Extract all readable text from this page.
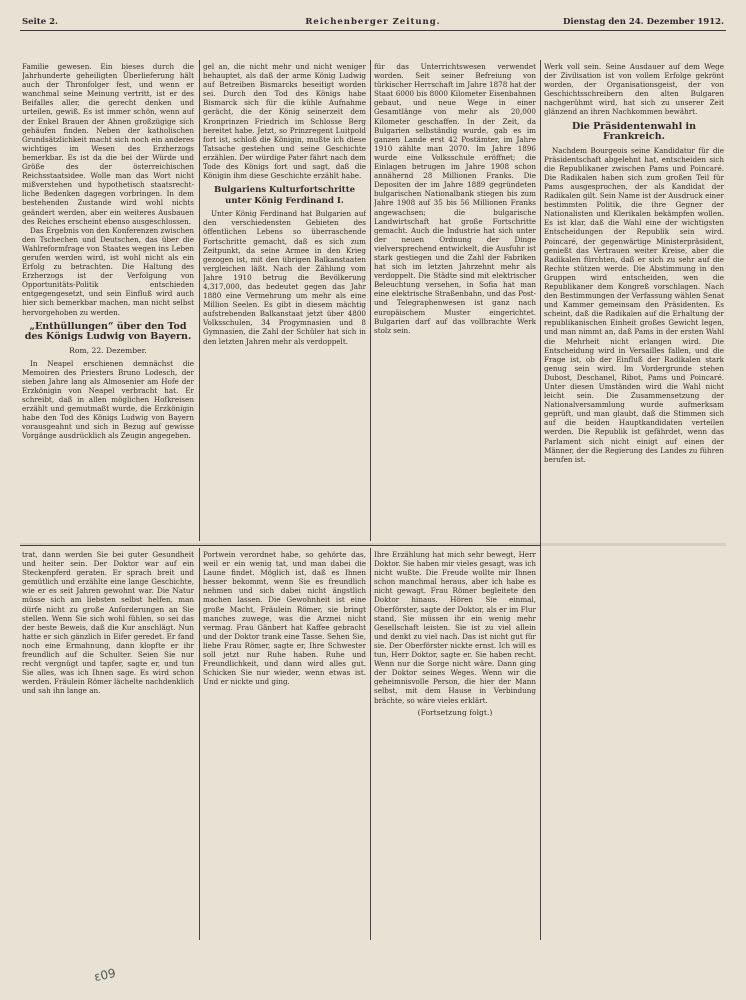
Seite 2.	Reichenberger Zeitung.	Dienstag den 24. Dezember 1912.
Familie gewesen. Ein bieses durch die Jahrhunderte geheiligten Überlieferung hält auch der Thronfolger fest, und wenn er wanchmal seine Meinung vertritt, ist er des Beifalles aller, die gerecht denken und urteilen, gewiß. Es ist immer schön, wenn auf der Enkel Brauen der Ahnen großzügige sich gehäufen finden. Neben der katholischen Grundsätzlichkeit macht sich noch ein anderes wichtiges im Wesen des Erzherzogs bemerkbar. Es ist da die bei der Würde und Größe des der österreichischen Reichsstaatsidee. Wolle man das Wort nicht mißverstehen und hypothetisch staatsrecht-liche Bedenken dagegen vorbringen. In dem bestehenden Zustande wird wohl nichts geändert werden, aber ein weiteres Ausbauen des Reiches erscheint ebenso ausgeschlossen.
Das Ergebnis von den Konferenzen zwischen den Tschechen und Deutschen, das über die Wahlreformfrage von Staates wegen ins Leben gerufen werden wird, ist wohl nicht als ein Erfolg zu betrachten. Die Haltung des Erzherzogs ist der Verfolgung von Opportunitäts-Politik entschieden entgegengesetzt, und sein Einfluß wird auch hier sich bemerkbar machen, man nicht selbst hervorgehoben zu werden.
„Enthüllungen“ über den Tod des Königs Ludwig von Bayern.
Rom, 22. Dezember.
In Neapel erschienen demnächst die Memoiren des Priesters Bruno Lodesch, der sieben Jahre lang als Almosenier am Hofe der Erzkönigin von Neapel verbracht hat. Er schreibt, daß in allen möglichen Hofkreisen erzählt und gemutmaßt wurde, die Erzkönigin habe den Tod des Königs Ludwig von Bayern vorausgeahnt und sich in Bezug auf gewisse Vorgänge ausdrücklich als Zeugin angegeben.
gel an, die nicht mehr und nicht weniger behauptet, als daß der arme König Ludwig auf Betreiben Bismarcks beseitigt worden sei. Durch den Tod des Königs habe Bismarck sich für die kühle Aufnahme gerächt, die der König seinerzeit dem Kronprinzen Friedrich im Schlosse Berg bereitet habe. Jetzt, so Prinzregent Luitpold fort ist, schloß die Königin, mußte ich diese Tatsache gestehen und seine Geschichte erzählen. Der würdige Pater fährt nach dem Tode des Königs fort und sagt, daß die Königin ihm diese Geschichte erzählt habe.
Bulgariens Kulturfortschritte unter König Ferdinand I.
Unter König Ferdinand hat Bulgarien auf den verschiedensten Gebieten des öffentlichen Lebens so überraschende Fortschritte gemacht, daß es sich zum Zeitpunkt, da seine Armee in den Krieg gezogen ist, mit den übrigen Balkanstaaten vergleichen läßt. Nach der Zählung vom Jahre 1910 betrug die Bevölkerung 4,317,000, das bedeutet gegen das Jahr 1880 eine Vermehrung um mehr als eine Million Seelen. Es gibt in diesem mächtig aufstrebenden Balkanstaat jetzt über 4800 Volksschulen, 34 Progymnasien und 8 Gymnasien, die Zahl der Schüler hat sich in den letzten Jahren mehr als verdoppelt.
für das Unterrichtswesen verwendet worden. Seit seiner Befreiung von türkischer Herrschaft im Jahre 1878 hat der Staat 6000 bis 8000 Kilometer Eisenbahnen gebaut, und neue Wege in einer Gesamtlänge von mehr als 20,000 Kilometer geschaffen. In der Zeit, da Bulgarien selbständig wurde, gab es im ganzen Lande erst 42 Postämter, im Jahre 1910 zählte man 2070. Im Jahre 1896 wurde eine Volksschule eröffnet; die Einlagen betrugen im Jahre 1908 schon annähernd 28 Millionen Franks. Die Depositen der im Jahre 1889 gegründeten bulgarischen Nationalbank stiegen bis zum Jahre 1908 auf 35 bis 56 Millionen Franks angewachsen; die bulgarische Landwirtschaft hat große Fortschritte gemacht. Auch die Industrie hat sich unter der neuen Ordnung der Dinge vielversprechend entwickelt, die Ausfuhr ist stark gestiegen und die Zahl der Fabriken hat sich im letzten Jahrzehnt mehr als verdoppelt. Die Städte sind mit elektrischer Beleuchtung versehen, in Sofia hat man eine elektrische Straßenbahn, und das Post- und Telegraphenwesen ist ganz nach europäischem Muster eingerichtet. Bulgarien darf auf das vollbrachte Werk stolz sein.
Werk voll sein. Seine Ausdauer auf dem Wege der Zivilisation ist von vollem Erfolge gekrönt worden, der Organisationsgeist, der von Geschichtsschreibern den alten Bulgaren nachgerühmt wird, hat sich zu unserer Zeit glänzend an ihren Nachkommen bewährt.
Die Präsidentenwahl in Frankreich.
Nachdem Bourgeois seine Kandidatur für die Präsidentschaft abgelehnt hat, entscheiden sich die Republikaner zwischen Pams und Poincaré. Die Radikalen haben sich zum großen Teil für Pams ausgesprochen, der als Kandidat der Radikalen gilt. Sein Name ist der Ausdruck einer bestimmten Politik, die ihre Gegner der Nationalisten und Klerikalen bekämpfen wollen. Es ist klar, daß die Wahl eine der wichtigsten Entscheidungen der Republik sein wird. Poincaré, der gegenwärtige Ministerpräsident, genießt das Vertrauen weiter Kreise, aber die Radikalen fürchten, daß er sich zu sehr auf die Rechte stützen werde. Die Abstimmung in den Gruppen wird entscheiden, wen die Republikaner dem Kongreß vorschlagen. Nach den Bestimmungen der Verfassung wählen Senat und Kammer gemeinsam den Präsidenten. Es scheint, daß die Radikalen auf die Erhaltung der republikanischen Einheit großes Gewicht legen, und man nimmt an, daß Pams in der ersten Wahl die Mehrheit nicht erlangen wird. Die Entscheidung wird in Versailles fallen, und die Frage ist, ob der Einfluß der Radikalen stark genug sein wird. Im Vordergrunde stehen Dubost, Deschanel, Ribot, Pams und Poincaré. Unter diesen Umständen wird die Wahl nicht leicht sein. Die Zusammensetzung der Nationalversammlung wurde aufmerksam geprüft, und man glaubt, daß die Stimmen sich auf die beiden Hauptkandidaten verteilen werden. Die Republik ist gefährdet, wenn das Parlament sich nicht einigt auf einen der Männer, der die Regierung des Landes zu führen berufen ist.
trat, dann werden Sie bei guter Gesundheit und heiter sein. Der Doktor war auf ein Steckenpferd geraten. Er sprach breit und gemütlich und erzählte eine lange Geschichte, wie er es seit Jahren gewohnt war. Die Natur müsse sich am liebsten selbst helfen, man dürfe nicht zu große Anforderungen an Sie stellen. Wenn Sie sich wohl fühlen, so sei das der beste Beweis, daß die Kur anschlägt. Nun hatte er sich gänzlich in Eifer geredet. Er fand noch eine Ermahnung, dann klopfte er ihr freundlich auf die Schulter. Seien Sie nur recht vergnügt und tapfer, sagte er, und tun Sie alles, was ich Ihnen sage. Es wird schon werden. Fräulein Römer lächelte nachdenklich und sah ihn lange an.
Portwein verordnet habe, so gehörte das, weil er ein wenig tat, und man dabei die Laune findet. Möglich ist, daß es Ihnen besser bekommt, wenn Sie es freundlich nehmen und sich dabei nicht ängstlich machen lassen. Die Gewohnheit ist eine große Macht, Fräulein Römer, sie bringt manches zuwege, was die Arznei nicht vermag. Frau Gänbert hat Kaffee gebracht und der Doktor trank eine Tasse. Sehen Sie, liebe Frau Römer, sagte er, Ihre Schwester soll jetzt nur Ruhe haben. Ruhe und Freundlichkeit, und dann wird alles gut. Schicken Sie nur wieder, wenn etwas ist. Und er nickte und ging.
Ihre Erzählung hat mich sehr bewegt, Herr Doktor. Sie haben mir vieles gesagt, was ich nicht wußte. Die Freude wollte mir Ihnen schon manchmal heraus, aber ich habe es nicht gewagt. Frau Römer begleitete den Doktor hinaus. Hören Sie einmal, Oberförster, sagte der Doktor, als er im Flur stand, Sie müssen ihr ein wenig mehr Gesellschaft leisten. Sie ist zu viel allein und denkt zu viel nach. Das ist nicht gut für sie. Der Oberförster nickte ernst. Ich will es tun, Herr Doktor, sagte er. Sie haben recht. Wenn nur die Sorge nicht wäre. Dann ging der Doktor seines Weges. Wenn wir die geheimnisvolle Person, die hier der Mann selbst, mit dem Hause in Verbindung brächte, so wäre vieles erklärt.
(Fortsetzung folgt.)
ε09
